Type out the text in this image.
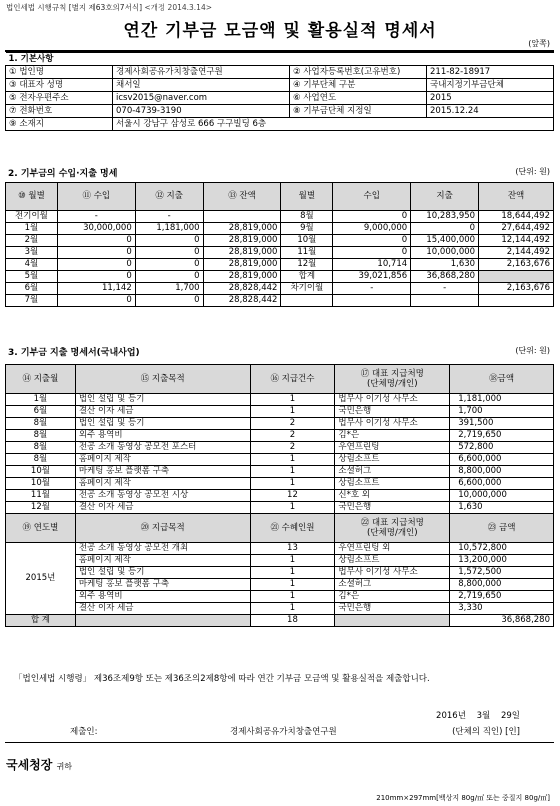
법인세법 시행규칙 [별지 제63호의7서식] <개정 2014.3.14>
연간 기부금 모금액 및 활용실적 명세서
(앞쪽)
1. 기본사항			
① 법인명	경제사회공유가치창출연구원	② 사업자등록번호(고유번호)	211-82-18917
③ 대표자 성명	채서일	④ 기부단체 구분	국내지정기부금단체
⑤ 전자우편주소	icsv2015@naver.com	⑥ 사업연도	2015
⑦ 전화번호	070-4739-3190	⑧ 기부금단체 지정일	2015.12.24
⑨ 소재지	서울시 강남구 삼성로 666 구구빌딩 6층		
2. 기부금의 수입·지출 명세	(단위: 원)
⑩ 월별	⑪ 수입	⑫ 지출	⑬ 잔액	월별	수입	지출	잔액
전기이월	-	-		8월	0	10,283,950	18,644,492
1월	30,000,000	1,181,000	28,819,000	9월	9,000,000	0	27,644,492
2월	0	0	28,819,000	10월	0	15,400,000	12,144,492
3월	0	0	28,819,000	11월	0	10,000,000	2,144,492
4월	0	0	28,819,000	12월	10,714	1,630	2,163,676
5월	0	0	28,819,000	합계	39,021,856	36,868,280	
6월	11,142	1,700	28,828,442	차기이월	-	-	2,163,676
7월	0	0	28,828,442				
3. 기부금 지출 명세서(국내사업)	(단위: 원)
⑭ 지출월	⑮ 지출목적	⑯ 지급건수	⑰ 대표 지급처명
(단체명/개인)	⑱금액
1월	법인 설립 및 등기	1	법무사 이기성 사무소	1,181,000
6월	결산 이자 세금	1	국민은행	1,700
8월	법인 설립 및 등기	2	법무사 이기성 사무소	391,500
8월	외주 용역비	2	김*은	2,719,650
8월	전공 소개 동영상 공모전 포스터	2	우연프린팅	572,800
8월	홈페이지 제작	1	상림소프트	6,600,000
10월	마케팅 홍보 플랫폼 구축	1	소셜허그	8,800,000
10월	홈페이지 제작	1	상림소프트	6,600,000
11월	전공 소개 동영상 공모전 시상	12	신*호 외	10,000,000
12월	결산 이자 세금	1	국민은행	1,630
⑲ 연도별	⑳ 지급목적	㉑ 수혜인원	㉒ 대표 지급처명
(단체명/개인)	㉓ 금액
2015년	전공 소개 동영상 공모전 개최	13	우연프린팅 외	10,572,800
	홈페이지 제작	1	상림소프트	13,200,000
	법인 설립 및 등기	1	법무사 이기성 사무소	1,572,500
	마케팅 홍보 플랫폼 구축	1	소셜허그	8,800,000
	외주 용역비	1	김*은	2,719,650
	결산 이자 세금	1	국민은행	3,330
합 계		18		36,868,280
「법인세법 시행령」 제36조제9항 또는 제36조의2제8항에 따라 연간 기부금 모금액 및 활용실적을 제출합니다.
2016년 3월 29일
제출인:	경제사회공유가치창출연구원	(단체의 직인) [인]
국세청장 귀하
210mm×297mm[백상지 80g/㎡ 또는 중질지 80g/㎡]
